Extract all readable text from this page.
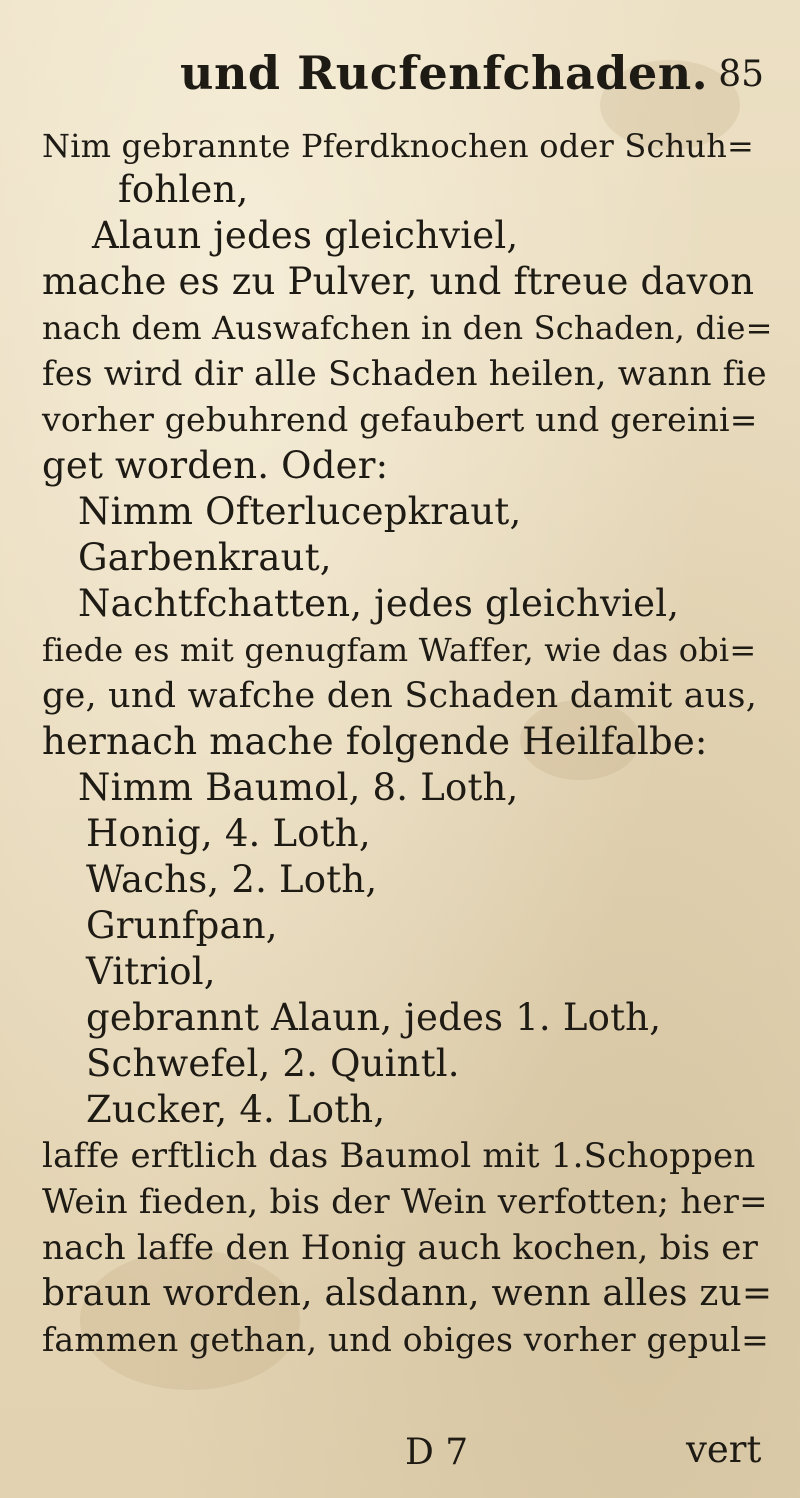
und Rucfenfchaden. 85
Nim gebrannte Pferdknochen oder Schuh=
fohlen,
Alaun jedes gleichviel,
mache es zu Pulver, und ftreue davon
nach dem Auswafchen in den Schaden, die=
fes wird dir alle Schaden heilen, wann fie
vorher gebuhrend gefaubert und gereini=
get worden. Oder:
Nimm Ofterlucepkraut,
Garbenkraut,
Nachtfchatten, jedes gleichviel,
fiede es mit genugfam Waffer, wie das obi=
ge, und wafche den Schaden damit aus,
hernach mache folgende Heilfalbe:
Nimm Baumol, 8. Loth,
Honig, 4. Loth,
Wachs, 2. Loth,
Grunfpan,
Vitriol,
gebrannt Alaun, jedes 1. Loth,
Schwefel, 2. Quintl.
Zucker, 4. Loth,
laffe erftlich das Baumol mit 1.Schoppen
Wein fieden, bis der Wein verfotten; her=
nach laffe den Honig auch kochen, bis er
braun worden, alsdann, wenn alles zu=
fammen gethan, und obiges vorher gepul=
D 7	vert
